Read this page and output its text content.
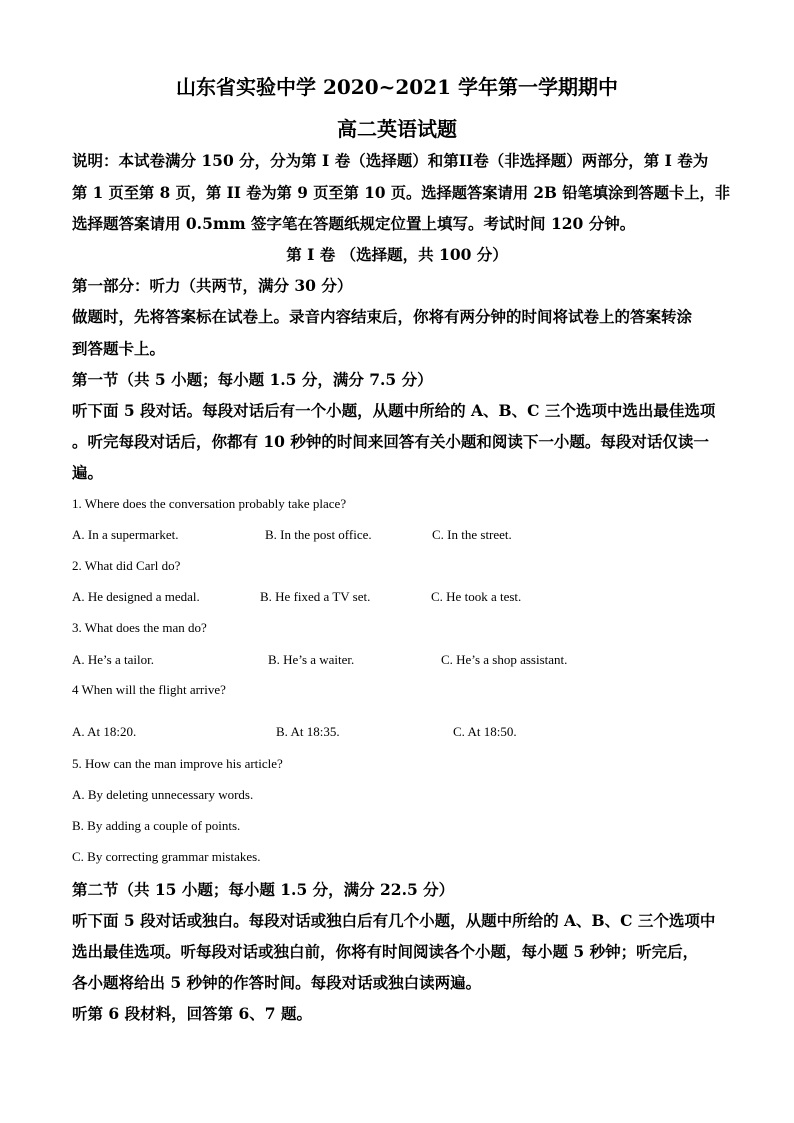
山东省实验中学 2020~2021 学年第一学期期中
高二英语试题
说明：本试卷满分 150 分，分为第 I 卷（选择题）和第II卷（非选择题）两部分，第 I 卷为
第 1 页至第 8 页，第 II 卷为第 9 页至第 10 页。选择题答案请用 2B 铅笔填涂到答题卡上，非
选择题答案请用 0.5mm 签字笔在答题纸规定位置上填写。考试时间 120 分钟。
第 I 卷 （选择题，共 100 分）
第一部分：听力（共两节，满分 30 分）
做题时，先将答案标在试卷上。录音内容结束后，你将有两分钟的时间将试卷上的答案转涂
到答题卡上。
第一节（共 5 小题；每小题 1.5 分，满分 7.5 分）
听下面 5 段对话。每段对话后有一个小题，从题中所给的 A、B、C 三个选项中选出最佳选项
。听完每段对话后，你都有 10 秒钟的时间来回答有关小题和阅读下一小题。每段对话仅读一
遍。
1. Where does the conversation probably take place?
A. In a supermarket.	B. In the post office.	C. In the street.
2. What did Carl do?
A. He designed a medal.	B. He fixed a TV set.	C. He took a test.
3. What does the man do?
A. He’s a tailor.	B. He’s a waiter.	C. He’s a shop assistant.
4 When will the flight arrive?
A. At 18:20.	B. At 18:35.	C. At 18:50.
5. How can the man improve his article?
A. By deleting unnecessary words.
B. By adding a couple of points.
C. By correcting grammar mistakes.
第二节（共 15 小题；每小题 1.5 分，满分 22.5 分）
听下面 5 段对话或独白。每段对话或独白后有几个小题，从题中所给的 A、B、C 三个选项中
选出最佳选项。听每段对话或独白前，你将有时间阅读各个小题，每小题 5 秒钟；听完后，
各小题将给出 5 秒钟的作答时间。每段对话或独白读两遍。
听第 6 段材料，回答第 6、7 题。
